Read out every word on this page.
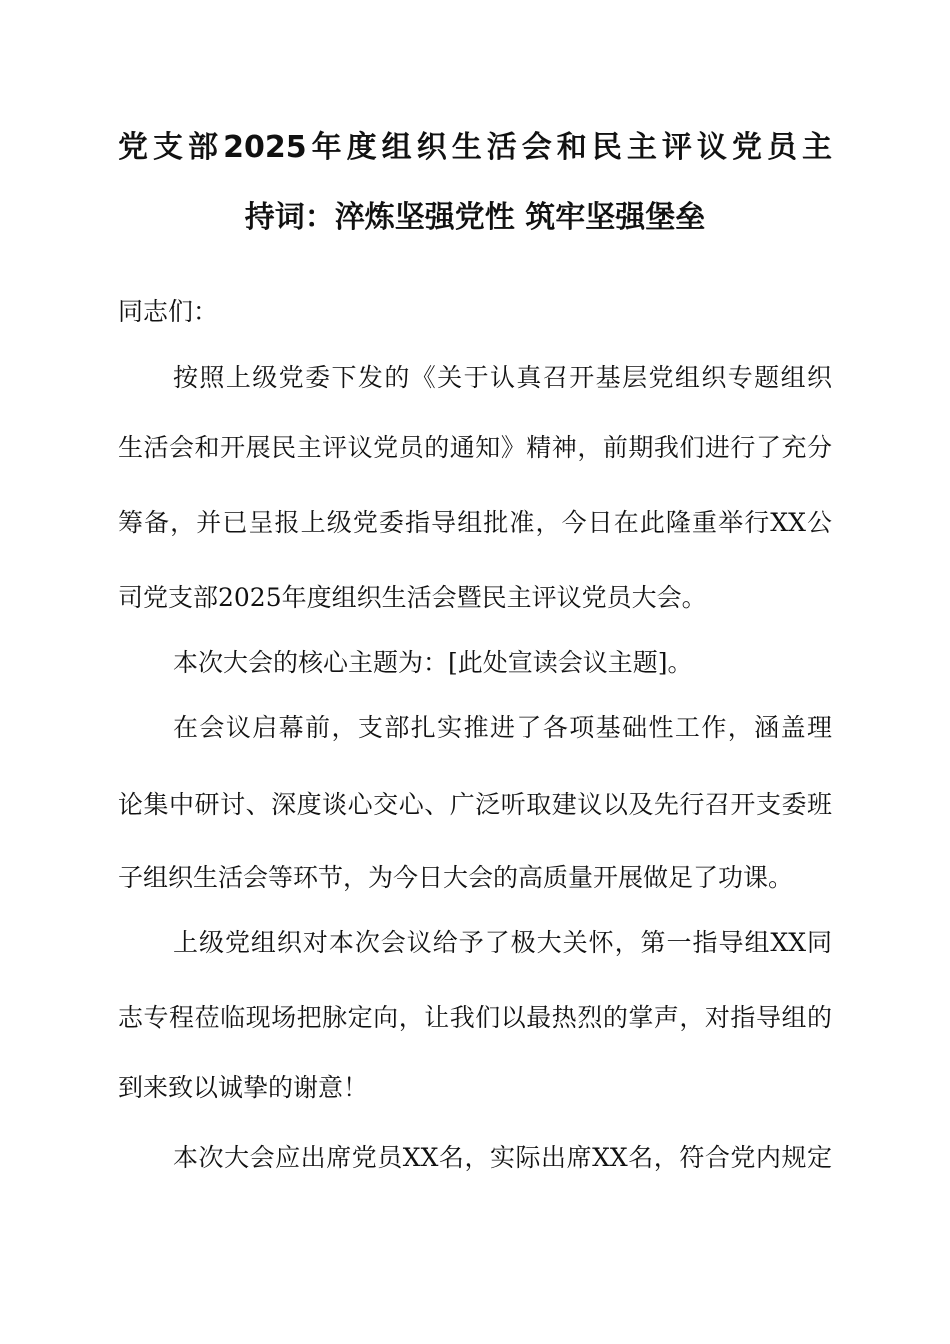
党支部2025年度组织生活会和民主评议党员主
持词：淬炼坚强党性 筑牢坚强堡垒
同志们：
按照上级党委下发的《关于认真召开基层党组织专题组织
生活会和开展民主评议党员的通知》精神，前期我们进行了充分
筹备，并已呈报上级党委指导组批准，今日在此隆重举行XX公
司党支部2025年度组织生活会暨民主评议党员大会。
本次大会的核心主题为：[此处宣读会议主题]。
在会议启幕前，支部扎实推进了各项基础性工作，涵盖理
论集中研讨、深度谈心交心、广泛听取建议以及先行召开支委班
子组织生活会等环节，为今日大会的高质量开展做足了功课。
上级党组织对本次会议给予了极大关怀，第一指导组XX同
志专程莅临现场把脉定向，让我们以最热烈的掌声，对指导组的
到来致以诚挚的谢意！
本次大会应出席党员XX名，实际出席XX名，符合党内规定
